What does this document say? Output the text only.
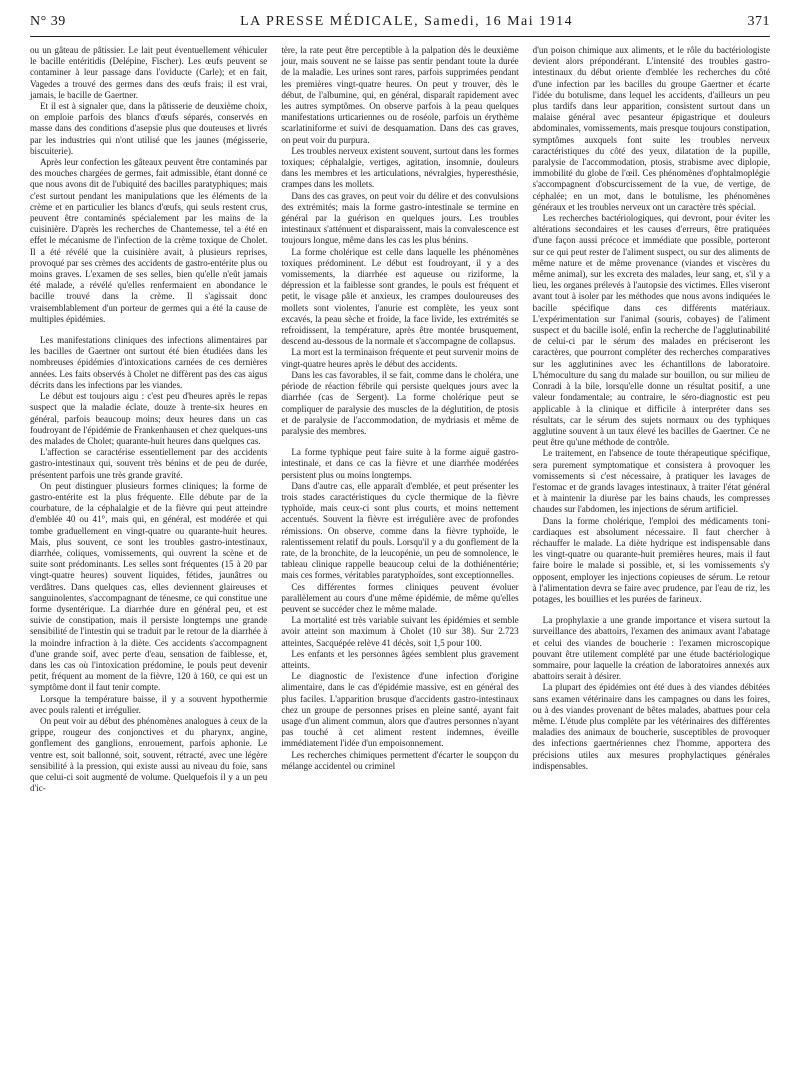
N° 39	LA PRESSE MÉDICALE, Samedi, 16 Mai 1914	371

ou un gâteau de pâtissier. Le lait peut éventuellement véhiculer le bacille entéritidis (Delépine, Fischer). Les œufs peuvent se contaminer à leur passage dans l'oviducte (Carle); et en fait, Vagedes a trouvé des germes dans des œufs frais; il est vrai, jamais, le bacille de Gaertner.

Et il est à signaler que, dans la pâtisserie de deuxième choix, on emploie parfois des blancs d'œufs séparés, conservés en masse dans des conditions d'asepsie plus que douteuses et livrés par les industries qui n'ont utilisé que les jaunes (mégisserie, biscuiterie).

Après leur confection les gâteaux peuvent être contaminés par des mouches chargées de germes, fait admissible, étant donné ce que nous avons dit de l'ubiquité des bacilles paratyphiques; mais c'est surtout pendant les manipulations que les éléments de la crème et en particulier les blancs d'œufs, qui seuls restent crus, peuvent être contaminés spécialement par les mains de la cuisinière. D'après les recherches de Chantemesse, tel a été en effet le mécanisme de l'infection de la crème toxique de Cholet. Il a été révélé que la cuisinière avait, à plusieurs reprises, provoqué par ses crèmes des accidents de gastro-entérite plus ou moins graves. L'examen de ses selles, bien qu'elle n'eût jamais été malade, a révélé qu'elles renfermaient en abondance le bacille trouvé dans la crème. Il s'agissait donc vraisemblablement d'un porteur de germes qui a été la cause de multiples épidémies.

Les manifestations cliniques des infections alimentaires par les bacilles de Gaertner ont surtout été bien étudiées dans les nombreuses épidémies d'intoxications carnées de ces dernières années. Les faits observés à Cholet ne diffèrent pas des cas aigus décrits dans les infections par les viandes.

Le début est toujours aigu : c'est peu d'heures après le repas suspect que la maladie éclate, douze à trente-six heures en général, parfois beaucoup moins; deux heures dans un cas foudroyant de l'épidémie de Frankenhausen et chez quelques-uns des malades de Cholet; quarante-huit heures dans quelques cas.

L'affection se caractérise essentiellement par des accidents gastro-intestinaux qui, souvent très bénins et de peu de durée, présentent parfois une très grande gravité.

On peut distinguer plusieurs formes cliniques; la forme de gastro-entérite est la plus fréquente. Elle débute par de la courbature, de la céphalalgie et de la fièvre qui peut atteindre d'emblée 40 ou 41°, mais qui, en général, est modérée et qui tombe graduellement en vingt-quatre ou quarante-huit heures. Mais, plus souvent, ce sont les troubles gastro-intestinaux, diarrhée, coliques, vomissements, qui ouvrent la scène et de suite sont prédominants. Les selles sont fréquentes (15 à 20 par vingt-quatre heures) souvent liquides, fétides, jaunâtres ou verdâtres. Dans quelques cas, elles deviennent glaireuses et sanguinolentes, s'accompagnant de ténesme, ce qui constitue une forme dysentérique. La diarrhée dure en général peu, et est suivie de constipation, mais il persiste longtemps une grande sensibilité de l'intestin qui se traduit par le retour de la diarrhée à la moindre infraction à la diète. Ces accidents s'accompagnent d'une grande soif, avec perte d'eau, sensation de faiblesse, et, dans les cas où l'intoxication prédomine, le pouls peut devenir petit, fréquent au moment de la fièvre, 120 à 160, ce qui est un symptôme dont il faut tenir compte.

Lorsque la température baisse, il y a souvent hypothermie avec pouls ralenti et irrégulier.

On peut voir au début des phénomènes analogues à ceux de la grippe, rougeur des conjonctives et du pharynx, angine, gonflement des ganglions, enrouement, parfois aphonie. Le ventre est, soit ballonné, soit, souvent, rétracté, avec une légère sensibilité à la pression, qui existe aussi au niveau du foie, sans que celui-ci soit augmenté de volume. Quelquefois il y a un peu d'ic-

tère, la rate peut être perceptible à la palpation dès le deuxième jour, mais souvent ne se laisse pas sentir pendant toute la durée de la maladie. Les urines sont rares, parfois supprimées pendant les premières vingt-quatre heures. On peut y trouver, dès le début, de l'albumine, qui, en général, disparaît rapidement avec les autres symptômes. On observe parfois à la peau quelques manifestations urticariennes ou de roséole, parfois un érythème scarlatiniforme et suivi de desquamation. Dans des cas graves, on peut voir du purpura.

Les troubles nerveux existent souvent, surtout dans les formes toxiques; céphalalgie, vertiges, agitation, insomnie, douleurs dans les membres et les articulations, névralgies, hyperesthésie, crampes dans les mollets.

Dans des cas graves, on peut voir du délire et des convulsions des extrémités; mais la forme gastro-intestinale se termine en général par la guérison en quelques jours. Les troubles intestinaux s'atténuent et disparaissent, mais la convalescence est toujours longue, même dans les cas les plus bénins.

La forme cholérique est celle dans laquelle les phénomènes toxiques prédominent. Le début est foudroyant, il y a des vomissements, la diarrhée est aqueuse ou riziforme, la dépression et la faiblesse sont grandes, le pouls est fréquent et petit, le visage pâle et anxieux, les crampes douloureuses des mollets sont violentes, l'anurie est complète, les yeux sont excavés, la peau sèche et froide, la face livide, les extrémités se refroidissent, la température, après être montée brusquement, descend au-dessous de la normale et s'accompagne de collapsus.

La mort est la terminaison fréquente et peut survenir moins de vingt-quatre heures après le début des accidents.

Dans les cas favorables, il se fait, comme dans le choléra, une période de réaction fébrile qui persiste quelques jours avec la diarrhée (cas de Sergent). La forme cholérique peut se compliquer de paralysie des muscles de la déglutition, de ptosis et de paralysie de l'accommodation, de mydriasis et même de paralysie des membres.

La forme typhique peut faire suite à la forme aiguë gastro-intestinale, et dans ce cas la fièvre et une diarrhée modérées persistent plus ou moins longtemps.

Dans d'autre cas, elle apparaît d'emblée, et peut présenter les trois stades caractéristiques du cycle thermique de la fièvre typhoïde, mais ceux-ci sont plus courts, et moins nettement accentués. Souvent la fièvre est irrégulière avec de profondes rémissions. On observe, comme dans la fièvre typhoïde, le ralentissement relatif du pouls. Lorsqu'il y a du gonflement de la rate, de la bronchite, de la leucopénie, un peu de somnolence, le tableau clinique rappelle beaucoup celui de la dothiénentérie; mais ces formes, véritables paratyphoïdes, sont exceptionnelles.

Ces différentes formes cliniques peuvent évoluer parallèlement au cours d'une même épidémie, de même qu'elles peuvent se succéder chez le même malade.

La mortalité est très variable suivant les épidémies et semble avoir atteint son maximum à Cholet (10 sur 38). Sur 2.723 atteintes, Sacquépée relève 41 décès, soit 1,5 pour 100.

Les enfants et les personnes âgées semblent plus gravement atteints.

Le diagnostic de l'existence d'une infection d'origine alimentaire, dans le cas d'épidémie massive, est en général des plus faciles. L'apparition brusque d'accidents gastro-intestinaux chez un groupe de personnes prises en pleine santé, ayant fait usage d'un aliment commun, alors que d'autres personnes n'ayant pas touché à cet aliment restent indemnes, éveille immédiatement l'idée d'un empoisonnement.

Les recherches chimiques permettent d'écarter le soupçon du mélange accidentel ou criminel

d'un poison chimique aux aliments, et le rôle du bactériologiste devient alors prépondérant. L'intensité des troubles gastro-intestinaux du début oriente d'emblée les recherches du côté d'une infection par les bacilles du groupe Gaertner et écarte l'idée du botulisme, dans lequel les accidents, d'ailleurs un peu plus tardifs dans leur apparition, consistent surtout dans un malaise général avec pesanteur épigastrique et douleurs abdominales, vomissements, mais presque toujours constipation, symptômes auxquels font suite les troubles nerveux caractéristiques du côté des yeux, dilatation de la pupille, paralysie de l'accommodation, ptosis, strabisme avec diplopie, immobilité du globe de l'œil. Ces phénomènes d'ophtalmoplégie s'accompagnent d'obscurcissement de la vue, de vertige, de céphalée; en un mot, dans le botulisme, les phénomènes généraux et les troubles nerveux ont un caractère très spécial.

Les recherches bactériologiques, qui devront, pour éviter les altérations secondaires et les causes d'erreurs, être pratiquées d'une façon aussi précoce et immédiate que possible, porteront sur ce qui peut rester de l'aliment suspect, ou sur des aliments de même nature et de même provenance (viandes et viscères du même animal), sur les excreta des malades, leur sang, et, s'il y a lieu, les organes prélevés à l'autopsie des victimes. Elles viseront avant tout à isoler par les méthodes que nous avons indiquées le bacille spécifique dans ces différents matériaux. L'expérimentation sur l'animal (souris, cobayes) de l'aliment suspect et du bacille isolé, enfin la recherche de l'agglutinabilité de celui-ci par le sérum des malades en préciseront les caractères, que pourront compléter des recherches comparatives sur les agglutinines avec les échantillons de laboratoire. L'hémoculture du sang du malade sur bouillon, ou sur milieu de Conradi à la bile, lorsqu'elle donne un résultat positif, a une valeur fondamentale; au contraire, le séro-diagnostic est peu applicable à la clinique et difficile à interpréter dans ses résultats, car le sérum des sujets normaux ou des typhiques agglutine souvent à un taux élevé les bacilles de Gaertner. Ce ne peut être qu'une méthode de contrôle.

Le traitement, en l'absence de toute thérapeutique spécifique, sera purement symptomatique et consistera à provoquer les vomissements si c'est nécessaire, à pratiquer les lavages de l'estomac et de grands lavages intestinaux, à traiter l'état général et à maintenir la diurèse par les bains chauds, les compresses chaudes sur l'abdomen, les injections de sérum artificiel.

Dans la forme cholérique, l'emploi des médicaments toni-cardiaques est absolument nécessaire. Il faut chercher à réchauffer le malade. La diète hydrique est indispensable dans les vingt-quatre ou quarante-huit premières heures, mais il faut faire boire le malade si possible, et, si les vomissements s'y opposent, employer les injections copieuses de sérum. Le retour à l'alimentation devra se faire avec prudence, par l'eau de riz, les potages, les bouillies et les purées de farineux.

La prophylaxie a une grande importance et visera surtout la surveillance des abattoirs, l'examen des animaux avant l'abatage et celui des viandes de boucherie : l'examen microscopique pouvant être utilement complété par une étude bactériologique sommaire, pour laquelle la création de laboratoires annexés aux abattoirs serait à désirer.

La plupart des épidémies ont été dues à des viandes débitées sans examen vétérinaire dans les campagnes ou dans les foires, ou à des viandes provenant de bêtes malades, abattues pour cela même. L'étude plus complète par les vétérinaires des différentes maladies des animaux de boucherie, susceptibles de provoquer des infections gaertnériennes chez l'homme, apportera des précisions utiles aux mesures prophylactiques générales indispensables.
